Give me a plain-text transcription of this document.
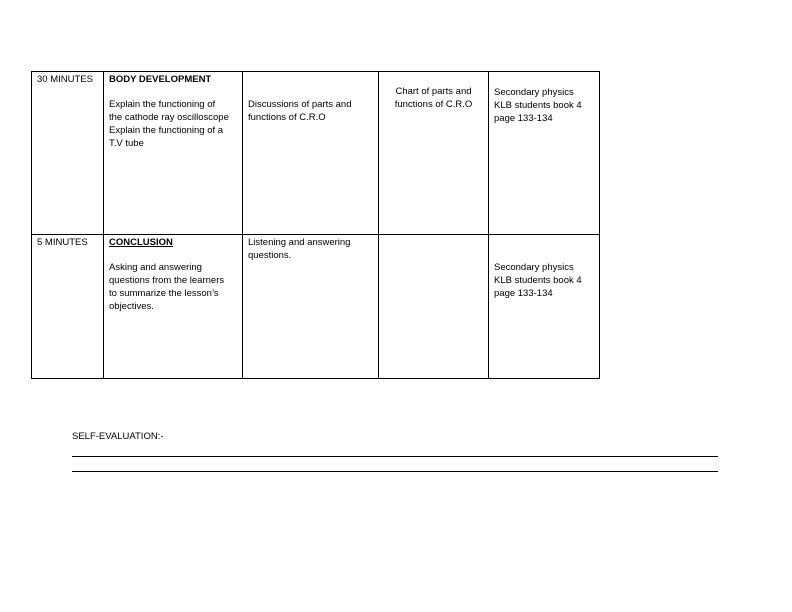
30 MINUTES	BODY DEVELOPMENT
Explain the functioning of
the cathode ray oscilloscope
Explain the functioning of a
T.V tube	Discussions of parts and
functions of C.R.O	Chart of parts and
functions of C.R.O	Secondary physics
KLB students book 4
page 133-134

5 MINUTES	CONCLUSION
Asking and answering
questions from the learners
to summarize the lesson’s
objectives.	Listening and answering
questions.		Secondary physics
KLB students book 4
page 133-134
SELF-EVALUATION:-
